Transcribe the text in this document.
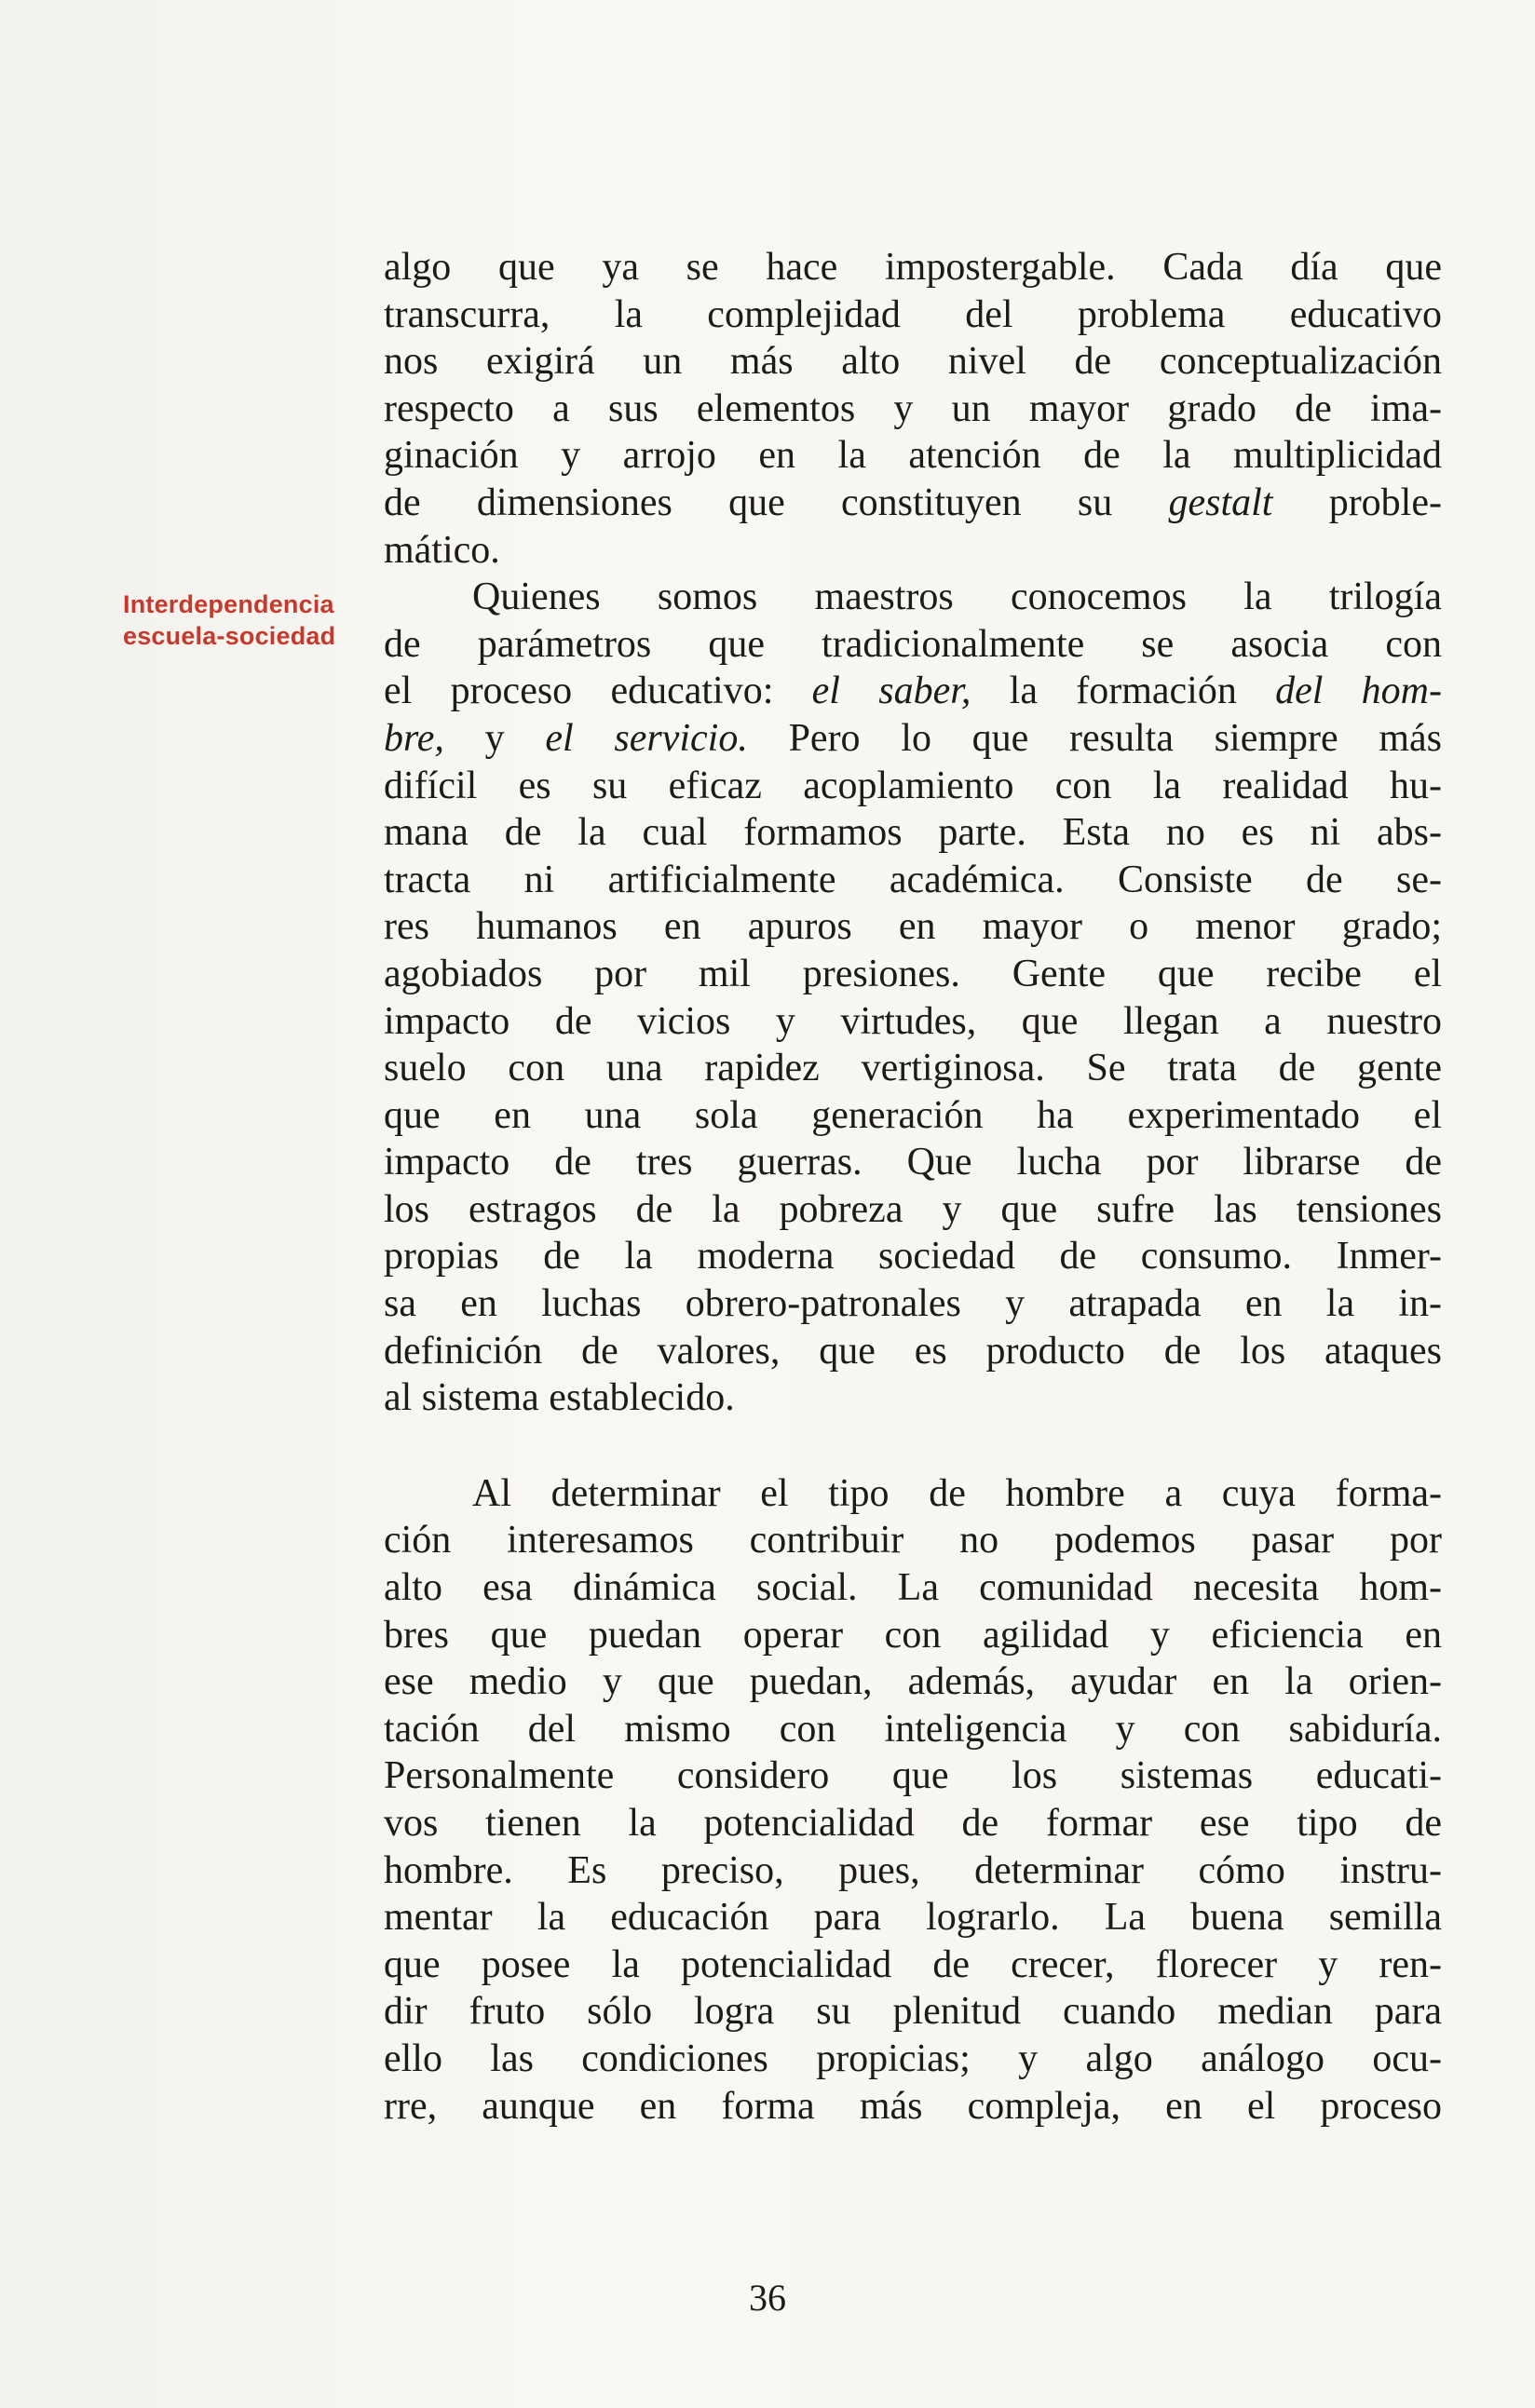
Interdependencia
escuela-sociedad
algo que ya se hace impostergable. Cada día que
transcurra, la complejidad del problema educativo
nos exigirá un más alto nivel de conceptualización
respecto a sus elementos y un mayor grado de ima-
ginación y arrojo en la atención de la multiplicidad
de dimensiones que constituyen su gestalt proble-
mático.
Quienes somos maestros conocemos la trilogía
de parámetros que tradicionalmente se asocia con
el proceso educativo: el saber, la formación del hom-
bre, y el servicio. Pero lo que resulta siempre más
difícil es su eficaz acoplamiento con la realidad hu-
mana de la cual formamos parte. Esta no es ni abs-
tracta ni artificialmente académica. Consiste de se-
res humanos en apuros en mayor o menor grado;
agobiados por mil presiones. Gente que recibe el
impacto de vicios y virtudes, que llegan a nuestro
suelo con una rapidez vertiginosa. Se trata de gente
que en una sola generación ha experimentado el
impacto de tres guerras. Que lucha por librarse de
los estragos de la pobreza y que sufre las tensiones
propias de la moderna sociedad de consumo. Inmer-
sa en luchas obrero-patronales y atrapada en la in-
definición de valores, que es producto de los ataques
al sistema establecido.
Al determinar el tipo de hombre a cuya forma-
ción interesamos contribuir no podemos pasar por
alto esa dinámica social. La comunidad necesita hom-
bres que puedan operar con agilidad y eficiencia en
ese medio y que puedan, además, ayudar en la orien-
tación del mismo con inteligencia y con sabiduría.
Personalmente considero que los sistemas educati-
vos tienen la potencialidad de formar ese tipo de
hombre. Es preciso, pues, determinar cómo instru-
mentar la educación para lograrlo. La buena semilla
que posee la potencialidad de crecer, florecer y ren-
dir fruto sólo logra su plenitud cuando median para
ello las condiciones propicias; y algo análogo ocu-
rre, aunque en forma más compleja, en el proceso
36
